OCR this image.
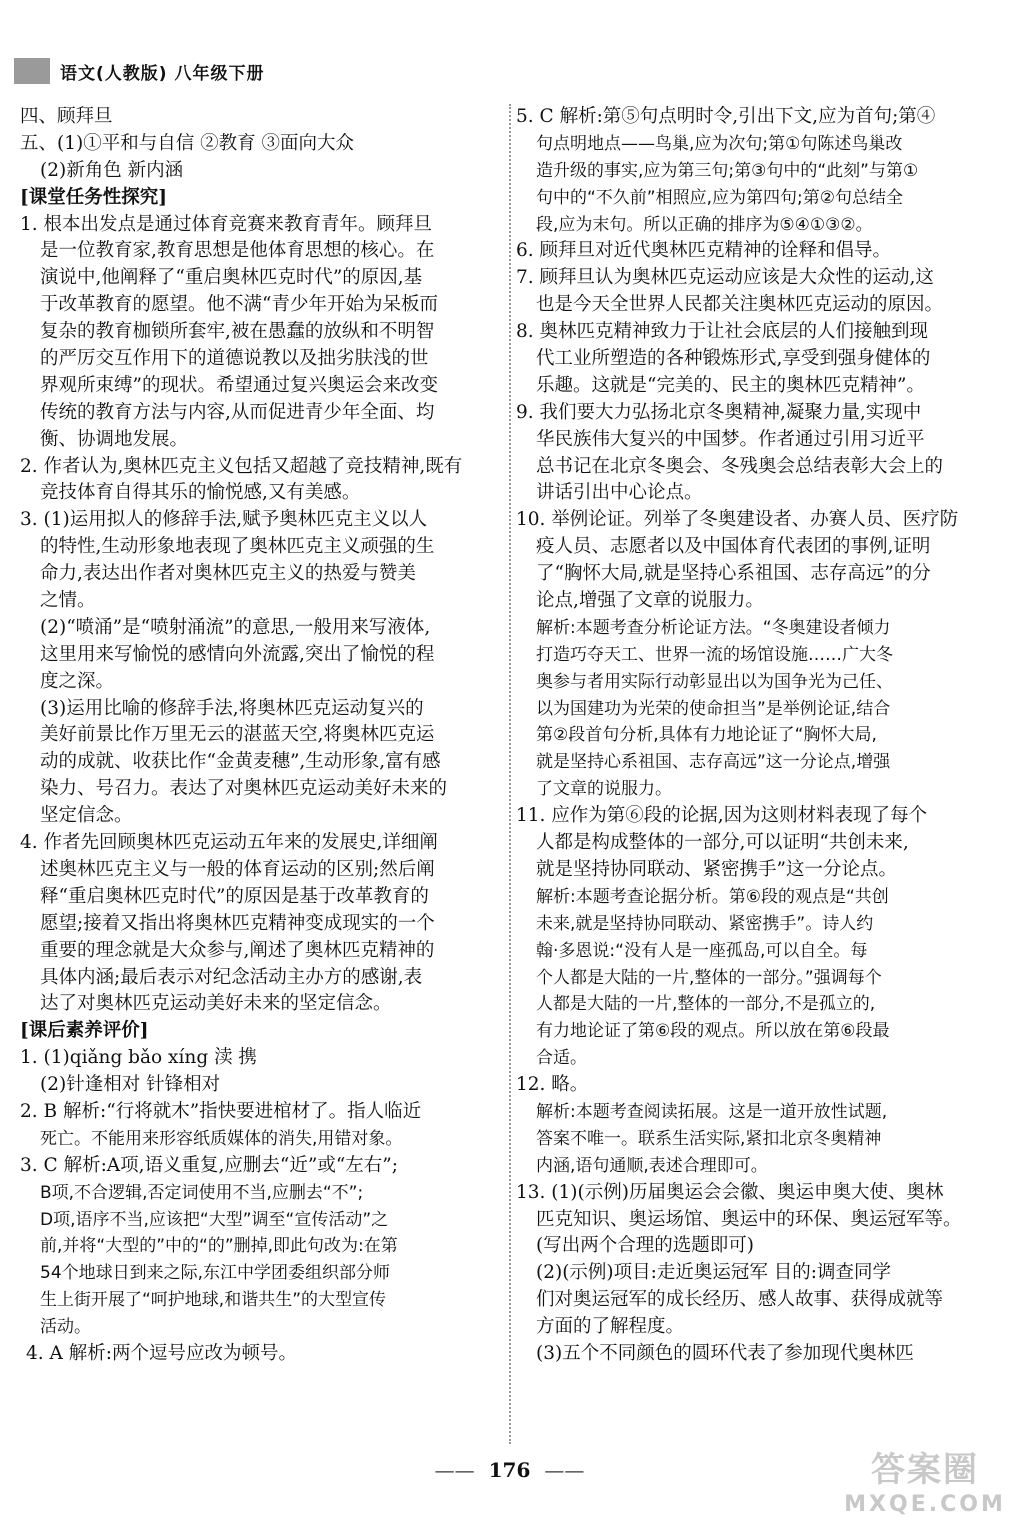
语文(人教版) 八年级下册
四、顾拜旦
五、(1)①平和与自信 ②教育 ③面向大众
(2)新角色 新内涵
[课堂任务性探究]
1. 根本出发点是通过体育竞赛来教育青年。顾拜旦
是一位教育家,教育思想是他体育思想的核心。在
演说中,他阐释了“重启奥林匹克时代”的原因,基
于改革教育的愿望。他不满“青少年开始为呆板而
复杂的教育枷锁所套牢,被在愚蠢的放纵和不明智
的严厉交互作用下的道德说教以及拙劣肤浅的世
界观所束缚”的现状。希望通过复兴奥运会来改变
传统的教育方法与内容,从而促进青少年全面、均
衡、协调地发展。
2. 作者认为,奥林匹克主义包括又超越了竞技精神,既有
竞技体育自得其乐的愉悦感,又有美感。
3. (1)运用拟人的修辞手法,赋予奥林匹克主义以人
的特性,生动形象地表现了奥林匹克主义顽强的生
命力,表达出作者对奥林匹克主义的热爱与赞美
之情。
(2)“喷涌”是“喷射涌流”的意思,一般用来写液体,
这里用来写愉悦的感情向外流露,突出了愉悦的程
度之深。
(3)运用比喻的修辞手法,将奥林匹克运动复兴的
美好前景比作万里无云的湛蓝天空,将奥林匹克运
动的成就、收获比作“金黄麦穗”,生动形象,富有感
染力、号召力。表达了对奥林匹克运动美好未来的
坚定信念。
4. 作者先回顾奥林匹克运动五年来的发展史,详细阐
述奥林匹克主义与一般的体育运动的区别;然后阐
释“重启奥林匹克时代”的原因是基于改革教育的
愿望;接着又指出将奥林匹克精神变成现实的一个
重要的理念就是大众参与,阐述了奥林匹克精神的
具体内涵;最后表示对纪念活动主办方的感谢,表
达了对奥林匹克运动美好未来的坚定信念。
[课后素养评价]
1. (1)qiǎng bǎo xíng 渎 携
(2)针逢相对 针锋相对
2. B 解析:“行将就木”指快要进棺材了。指人临近
死亡。不能用来形容纸质媒体的消失,用错对象。
3. C 解析:A项,语义重复,应删去“近”或“左右”;
B项,不合逻辑,否定词使用不当,应删去“不”;
D项,语序不当,应该把“大型”调至“宣传活动”之
前,并将“大型的”中的“的”删掉,即此句改为:在第
54个地球日到来之际,东江中学团委组织部分师
生上街开展了“呵护地球,和谐共生”的大型宣传
活动。
4. A 解析:两个逗号应改为顿号。
5. C 解析:第⑤句点明时令,引出下文,应为首句;第④
句点明地点——鸟巢,应为次句;第①句陈述鸟巢改
造升级的事实,应为第三句;第③句中的“此刻”与第①
句中的“不久前”相照应,应为第四句;第②句总结全
段,应为末句。所以正确的排序为⑤④①③②。
6. 顾拜旦对近代奥林匹克精神的诠释和倡导。
7. 顾拜旦认为奥林匹克运动应该是大众性的运动,这
也是今天全世界人民都关注奥林匹克运动的原因。
8. 奥林匹克精神致力于让社会底层的人们接触到现
代工业所塑造的各种锻炼形式,享受到强身健体的
乐趣。这就是“完美的、民主的奥林匹克精神”。
9. 我们要大力弘扬北京冬奥精神,凝聚力量,实现中
华民族伟大复兴的中国梦。作者通过引用习近平
总书记在北京冬奥会、冬残奥会总结表彰大会上的
讲话引出中心论点。
10. 举例论证。列举了冬奥建设者、办赛人员、医疗防
疫人员、志愿者以及中国体育代表团的事例,证明
了“胸怀大局,就是坚持心系祖国、志存高远”的分
论点,增强了文章的说服力。
解析:本题考查分析论证方法。“冬奥建设者倾力
打造巧夺天工、世界一流的场馆设施……广大冬
奥参与者用实际行动彰显出以为国争光为己任、
以为国建功为光荣的使命担当”是举例论证,结合
第②段首句分析,具体有力地论证了“胸怀大局,
就是坚持心系祖国、志存高远”这一分论点,增强
了文章的说服力。
11. 应作为第⑥段的论据,因为这则材料表现了每个
人都是构成整体的一部分,可以证明“共创未来,
就是坚持协同联动、紧密携手”这一分论点。
解析:本题考查论据分析。第⑥段的观点是“共创
未来,就是坚持协同联动、紧密携手”。诗人约
翰·多恩说:“没有人是一座孤岛,可以自全。每
个人都是大陆的一片,整体的一部分。”强调每个
人都是大陆的一片,整体的一部分,不是孤立的,
有力地论证了第⑥段的观点。所以放在第⑥段最
合适。
12. 略。
解析:本题考查阅读拓展。这是一道开放性试题,
答案不唯一。联系生活实际,紧扣北京冬奥精神
内涵,语句通顺,表述合理即可。
13. (1)(示例)历届奥运会会徽、奥运申奥大使、奥林
匹克知识、奥运场馆、奥运中的环保、奥运冠军等。
(写出两个合理的选题即可)
(2)(示例)项目:走近奥运冠军 目的:调查同学
们对奥运冠军的成长经历、感人故事、获得成就等
方面的了解程度。
(3)五个不同颜色的圆环代表了参加现代奥林匹
—— 176 ——	答案圈
MXQE.COM
